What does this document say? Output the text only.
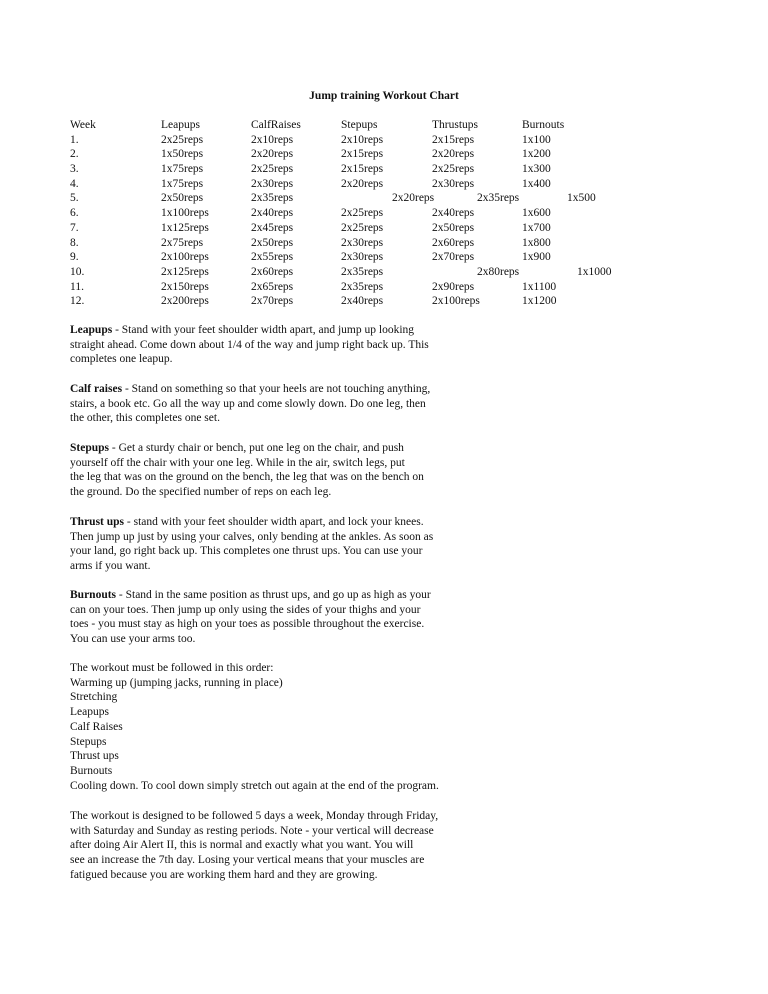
Jump training Workout Chart
Week	Leapups	CalfRaises	Stepups	Thrustups	Burnouts
1.	2x25reps	2x10reps	2x10reps	2x15reps	1x100
2.	1x50reps	2x20reps	2x15reps	2x20reps	1x200
3.	1x75reps	2x25reps	2x15reps	2x25reps	1x300
4.	1x75reps	2x30reps	2x20reps	2x30reps	1x400
5.	2x50reps	2x35reps	2x20reps	2x35reps	1x500
6.	1x100reps	2x40reps	2x25reps	2x40reps	1x600
7.	1x125reps	2x45reps	2x25reps	2x50reps	1x700
8.	2x75reps	2x50reps	2x30reps	2x60reps	1x800
9.	2x100reps	2x55reps	2x30reps	2x70reps	1x900
10.	2x125reps	2x60reps	2x35reps	2x80reps	1x1000
11.	2x150reps	2x65reps	2x35reps	2x90reps	1x1100
12.	2x200reps	2x70reps	2x40reps	2x100reps	1x1200

Leapups - Stand with your feet shoulder width apart, and jump up looking

straight ahead. Come down about 1/4 of the way and jump right back up. This

completes one leapup.

Calf raises - Stand on something so that your heels are not touching anything,

stairs, a book etc. Go all the way up and come slowly down. Do one leg, then

the other, this completes one set.

Stepups - Get a sturdy chair or bench, put one leg on the chair, and push

yourself off the chair with your one leg. While in the air, switch legs, put

the leg that was on the ground on the bench, the leg that was on the bench on

the ground. Do the specified number of reps on each leg.

Thrust ups - stand with your feet shoulder width apart, and lock your knees.

Then jump up just by using your calves, only bending at the ankles. As soon as

your land, go right back up. This completes one thrust ups. You can use your

arms if you want.

Burnouts - Stand in the same position as thrust ups, and go up as high as your

can on your toes. Then jump up only using the sides of your thighs and your

toes - you must stay as high on your toes as possible throughout the exercise.

You can use your arms too.

The workout must be followed in this order:
Warming up (jumping jacks, running in place)
Stretching
Leapups
Calf Raises
Stepups
Thrust ups
Burnouts
Cooling down. To cool down simply stretch out again at the end of the program.
The workout is designed to be followed 5 days a week, Monday through Friday,
with Saturday and Sunday as resting periods. Note - your vertical will decrease
after doing Air Alert II, this is normal and exactly what you want. You will
see an increase the 7th day. Losing your vertical means that your muscles are
fatigued because you are working them hard and they are growing.
